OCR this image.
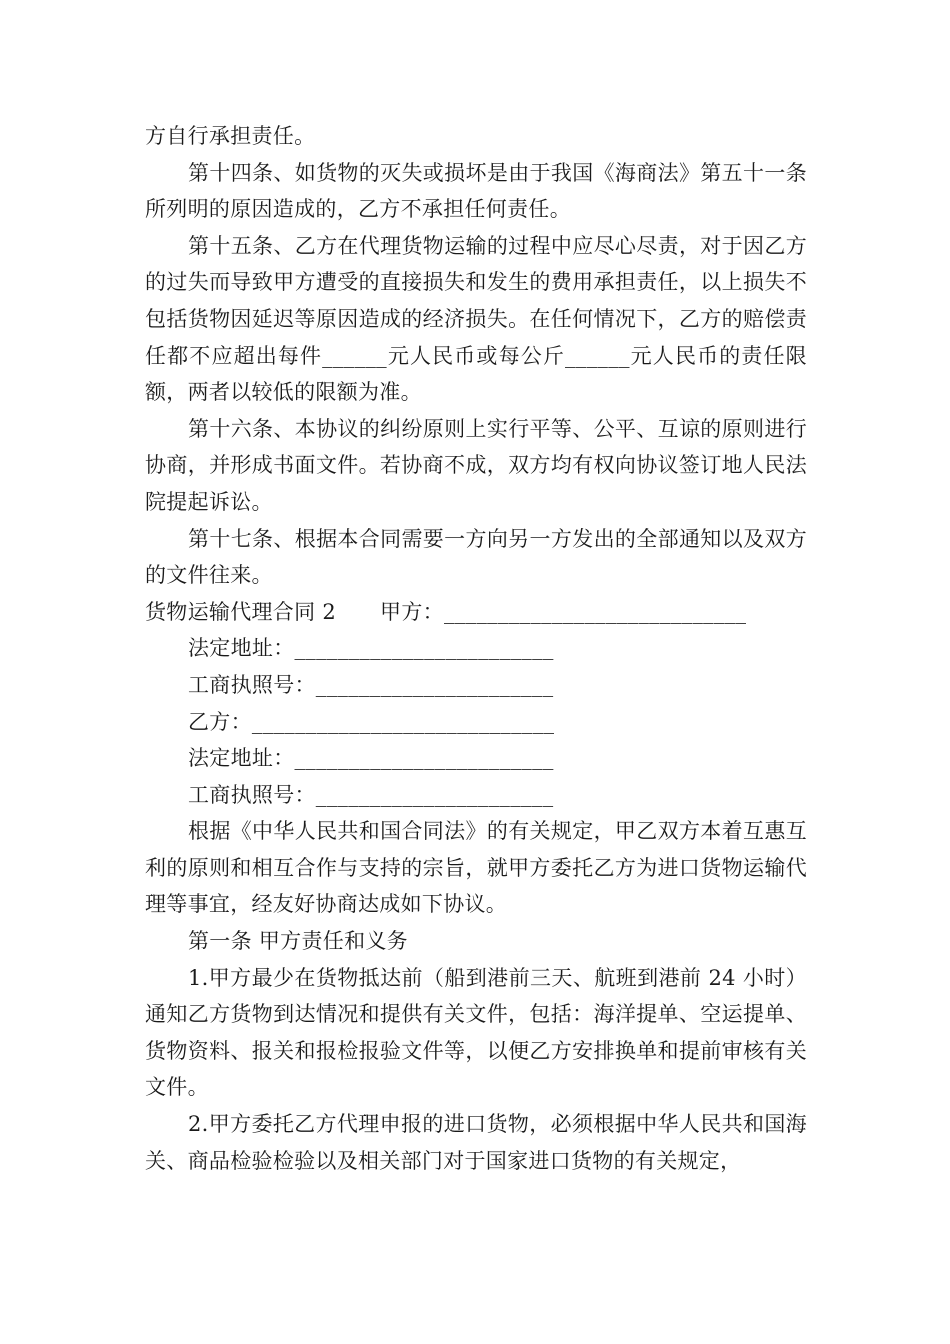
方自行承担责任。

第十四条、如货物的灭失或损坏是由于我国《海商法》第五十一条所列明的原因造成的，乙方不承担任何责任。

第十五条、乙方在代理货物运输的过程中应尽心尽责，对于因乙方的过失而导致甲方遭受的直接损失和发生的费用承担责任，以上损失不包括货物因延迟等原因造成的经济损失。在任何情况下，乙方的赔偿责任都不应超出每件______元人民币或每公斤______元人民币的责任限额，两者以较低的限额为准。

第十六条、本协议的纠纷原则上实行平等、公平、互谅的原则进行协商，并形成书面文件。若协商不成，双方均有权向协议签订地人民法院提起诉讼。

第十七条、根据本合同需要一方向另一方发出的全部通知以及双方的文件往来。

货物运输代理合同 2 甲方：____________________________

法定地址：________________________

工商执照号：______________________

乙方：____________________________

法定地址：________________________

工商执照号：______________________

根据《中华人民共和国合同法》的有关规定，甲乙双方本着互惠互利的原则和相互合作与支持的宗旨，就甲方委托乙方为进口货物运输代理等事宜，经友好协商达成如下协议。

第一条 甲方责任和义务

1.甲方最少在货物抵达前（船到港前三天、航班到港前 24 小时）通知乙方货物到达情况和提供有关文件，包括：海洋提单、空运提单、货物资料、报关和报检报验文件等，以便乙方安排换单和提前审核有关文件。

2.甲方委托乙方代理申报的进口货物，必须根据中华人民共和国海关、商品检验检验以及相关部门对于国家进口货物的有关规定，
